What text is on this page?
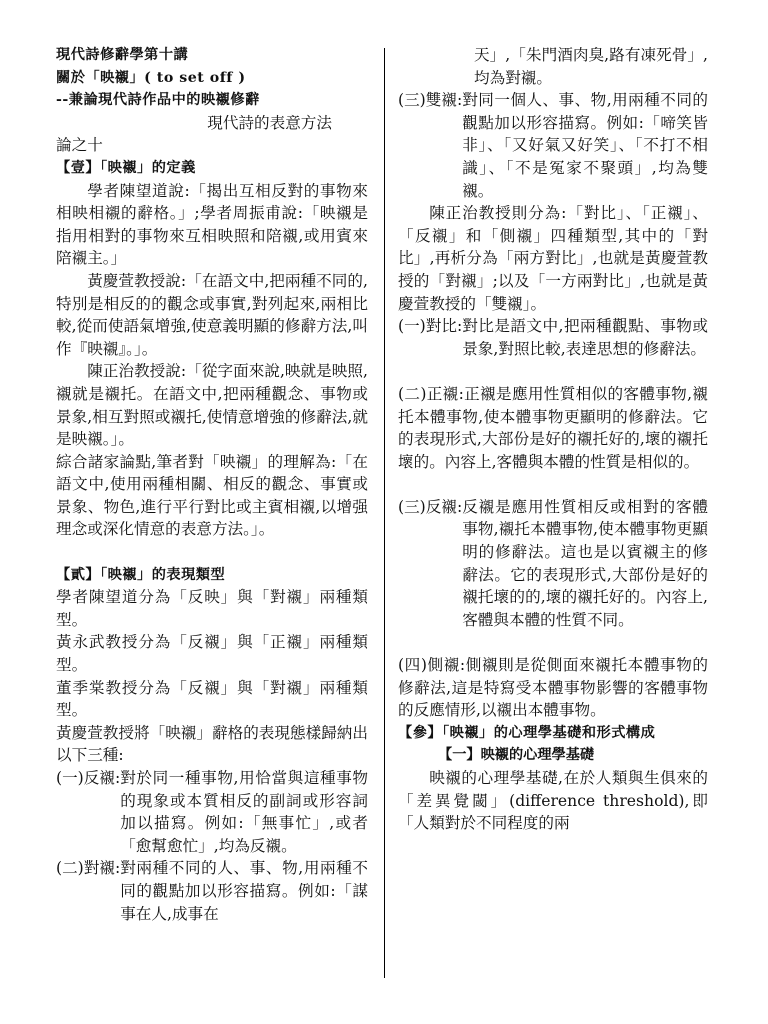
現代詩修辭學第十講

關於「映襯」( to set off )

--兼論現代詩作品中的映襯修辭

現代詩的表意方法

論之十

【壹】「映襯」的定義

學者陳望道說:「揭出互相反對的事物來相映相襯的辭格。」;學者周振甫說:「映襯是指用相對的事物來互相映照和陪襯,或用賓來陪襯主。」

黃慶萱教授說:「在語文中,把兩種不同的,特別是相反的的觀念或事實,對列起來,兩相比較,從而使語氣增強,使意義明顯的修辭方法,叫作『映襯』。」。

陳正治教授說:「從字面來說,映就是映照,襯就是襯托。在語文中,把兩種觀念、事物或景象,相互對照或襯托,使情意增強的修辭法,就是映襯。」。

綜合諸家論點,筆者對「映襯」的理解為:「在語文中,使用兩種相關、相反的觀念、事實或景象、物色,進行平行對比或主賓相襯,以增强理念或深化情意的表意方法。」。

【貳】「映襯」的表現類型

學者陳望道分為「反映」與「對襯」兩種類型。

黃永武教授分為「反襯」與「正襯」兩種類型。

董季棠教授分為「反襯」與「對襯」兩種類型。

黃慶萱教授將「映襯」辭格的表現態樣歸納出以下三種:

(一)反襯: 對於同一種事物,用恰當與這種事物的現象或本質相反的副詞或形容詞加以描寫。例如:「無事忙」,或者「愈幫愈忙」,均為反襯。
(二)對襯: 對兩種不同的人、事、物,用兩種不同的觀點加以形容描寫。例如:「謀事在人,成事在

天」,「朱門酒肉臭,路有凍死骨」,均為對襯。

(三)雙襯: 對同一個人、事、物,用兩種不同的觀點加以形容描寫。例如:「啼笑皆非」、「又好氣又好笑」、「不打不相識」、「不是冤家不聚頭」,均為雙襯。

陳正治教授則分為:「對比」、「正襯」、「反襯」和「側襯」四種類型,其中的「對比」,再析分為「兩方對比」,也就是黃慶萱教授的「對襯」;以及「一方兩對比」,也就是黃慶萱教授的「雙襯」。

(一)對比: 對比是語文中,把兩種觀點、事物或景象,對照比較,表達思想的修辭法。

(二)正襯:正襯是應用性質相似的客體事物,襯托本體事物,使本體事物更顯明的修辭法。它的表現形式,大部份是好的襯托好的,壞的襯托壞的。內容上,客體與本體的性質是相似的。

(三)反襯: 反襯是應用性質相反或相對的客體事物,襯托本體事物,使本體事物更顯明的修辭法。這也是以賓襯主的修辭法。它的表現形式,大部份是好的襯托壞的的,壞的襯托好的。內容上,客體與本體的性質不同。

(四)側襯:側襯則是從側面來襯托本體事物的修辭法,這是特寫受本體事物影響的客體事物的反應情形,以襯出本體事物。

【參】「映襯」的心理學基礎和形式構成

【一】映襯的心理學基礎

映襯的心理學基礎,在於人類與生俱來的「差異覺閾」(difference threshold),即「人類對於不同程度的兩
